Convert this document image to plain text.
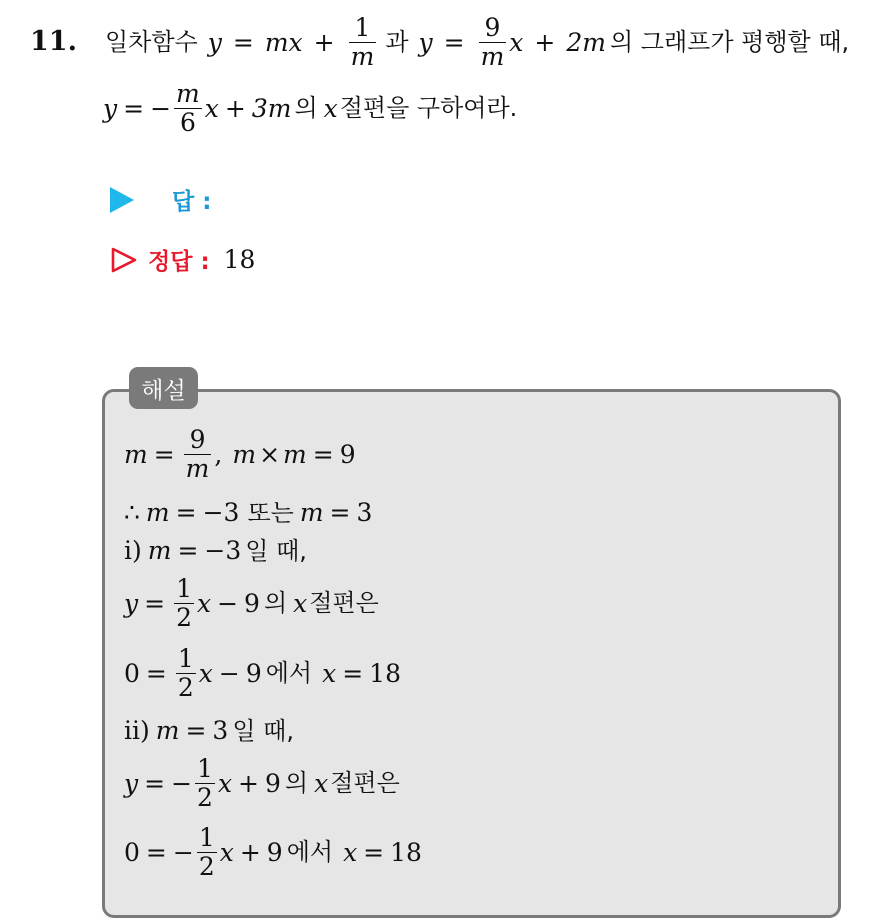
11. 일차함수 y = mx + $\frac{1}{m}$ 과 $y = \frac{9}{m}$ x + 2m 의 그래프가 평행할 때,
y = − $\frac{m}{6}$ x + 3m 의 x 절편을 구하여라.
답 :
정답 : 18
해설
$m = \frac{9}{m}$ , m × m = 9
∴ m = −3 또는 m = 3
i) m = −3 일 때,
$y = \frac{1}{2}$ x − 9 의 x 절편은
$0 = \frac{1}{2}$ x − 9 에서 x = 18
ii) m = 3 일 때,
y = − $\frac{1}{2}$ x + 9 의 x 절편은
0 = − $\frac{1}{2}$ x + 9 에서 x = 18
